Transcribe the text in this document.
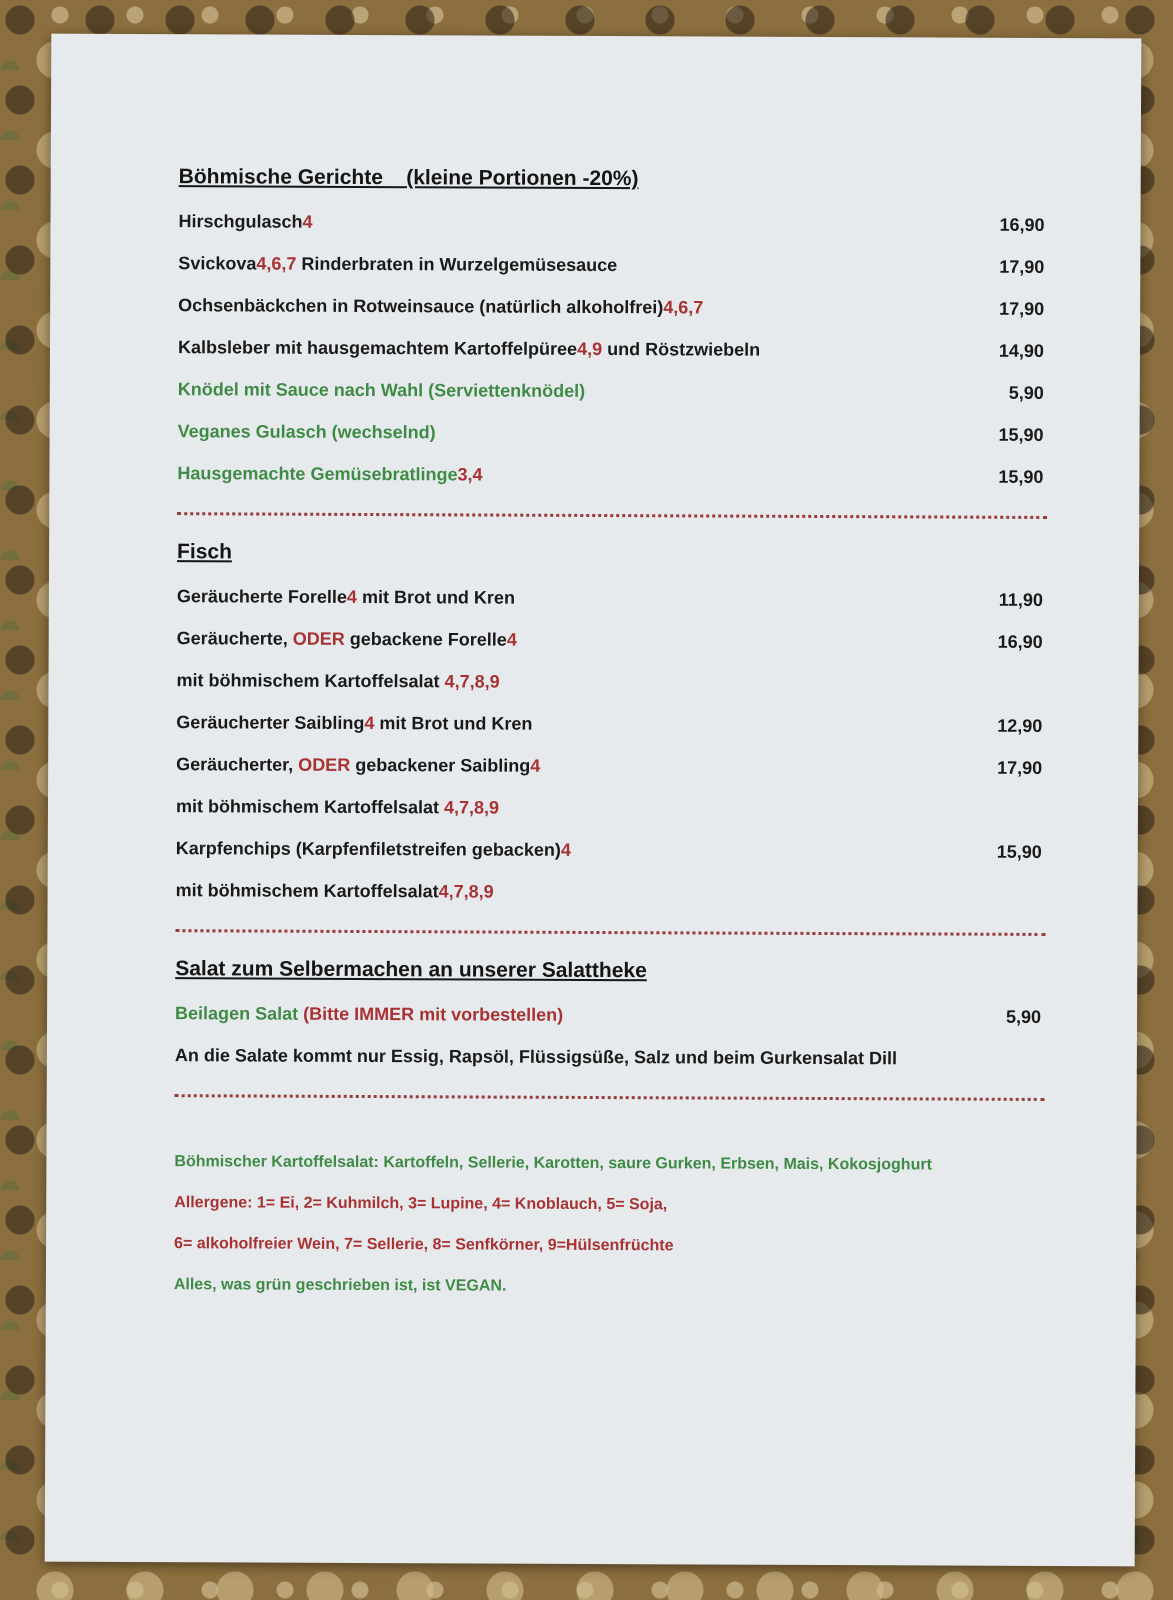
Böhmische Gerichte    (kleine Portionen -20%)
Hirschgulasch4	16,90
Svickova4,6,7 Rinderbraten in Wurzelgemüsesauce	17,90
Ochsenbäckchen in Rotweinsauce (natürlich alkoholfrei)4,6,7	17,90
Kalbsleber mit hausgemachtem Kartoffelpüree4,9 und Röstzwiebeln	14,90
Knödel mit Sauce nach Wahl (Serviettenknödel)	5,90
Veganes Gulasch (wechselnd)	15,90
Hausgemachte Gemüsebratlinge3,4	15,90
Fisch
Geräucherte Forelle4 mit Brot und Kren	11,90
Geräucherte, ODER gebackene Forelle4	16,90
mit böhmischem Kartoffelsalat 4,7,8,9
Geräucherter Saibling4 mit Brot und Kren	12,90
Geräucherter, ODER gebackener Saibling4	17,90
mit böhmischem Kartoffelsalat 4,7,8,9
Karpfenchips (Karpfenfiletstreifen gebacken)4	15,90
mit böhmischem Kartoffelsalat4,7,8,9
Salat zum Selbermachen an unserer Salattheke
Beilagen Salat (Bitte IMMER mit vorbestellen)	5,90
An die Salate kommt nur Essig, Rapsöl, Flüssigsüße, Salz und beim Gurkensalat Dill
Böhmischer Kartoffelsalat: Kartoffeln, Sellerie, Karotten, saure Gurken, Erbsen, Mais, Kokosjoghurt
Allergene: 1= Ei, 2= Kuhmilch, 3= Lupine, 4= Knoblauch, 5= Soja,
6= alkoholfreier Wein, 7= Sellerie, 8= Senfkörner, 9=Hülsenfrüchte
Alles, was grün geschrieben ist, ist VEGAN.
